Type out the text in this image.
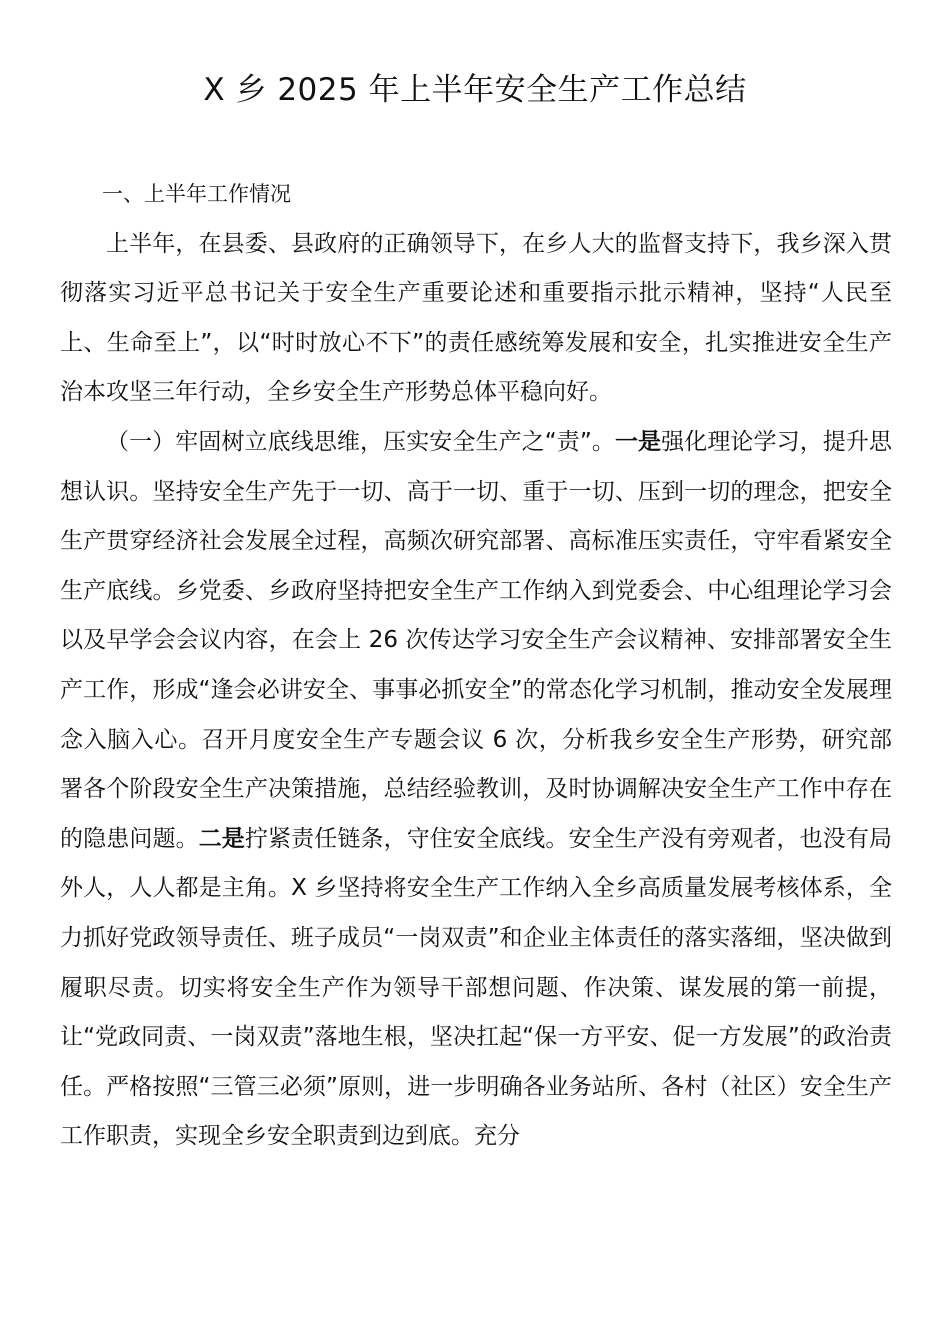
X 乡 2025 年上半年安全生产工作总结

一、上半年工作情况

上半年，在县委、县政府的正确领导下，在乡人大的监督支持下，我乡深入贯彻落实习近平总书记关于安全生产重要论述和重要指示批示精神，坚持“人民至上、生命至上”，以“时时放心不下”的责任感统筹发展和安全，扎实推进安全生产治本攻坚三年行动，全乡安全生产形势总体平稳向好。

（一）牢固树立底线思维，压实安全生产之“责”。一是强化理论学习，提升思想认识。坚持安全生产先于一切、高于一切、重于一切、压到一切的理念，把安全生产贯穿经济社会发展全过程，高频次研究部署、高标准压实责任，守牢看紧安全生产底线。乡党委、乡政府坚持把安全生产工作纳入到党委会、中心组理论学习会以及早学会会议内容，在会上 26 次传达学习安全生产会议精神、安排部署安全生产工作，形成“逢会必讲安全、事事必抓安全”的常态化学习机制，推动安全发展理念入脑入心。召开月度安全生产专题会议 6 次，分析我乡安全生产形势，研究部署各个阶段安全生产决策措施，总结经验教训，及时协调解决安全生产工作中存在的隐患问题。二是拧紧责任链条，守住安全底线。安全生产没有旁观者，也没有局外人，人人都是主角。X 乡坚持将安全生产工作纳入全乡高质量发展考核体系，全力抓好党政领导责任、班子成员“一岗双责”和企业主体责任的落实落细，坚决做到履职尽责。切实将安全生产作为领导干部想问题、作决策、谋发展的第一前提，让“党政同责、一岗双责”落地生根，坚决扛起“保一方平安、促一方发展”的政治责任。严格按照“三管三必须”原则，进一步明确各业务站所、各村（社区）安全生产工作职责，实现全乡安全职责到边到底。充分
